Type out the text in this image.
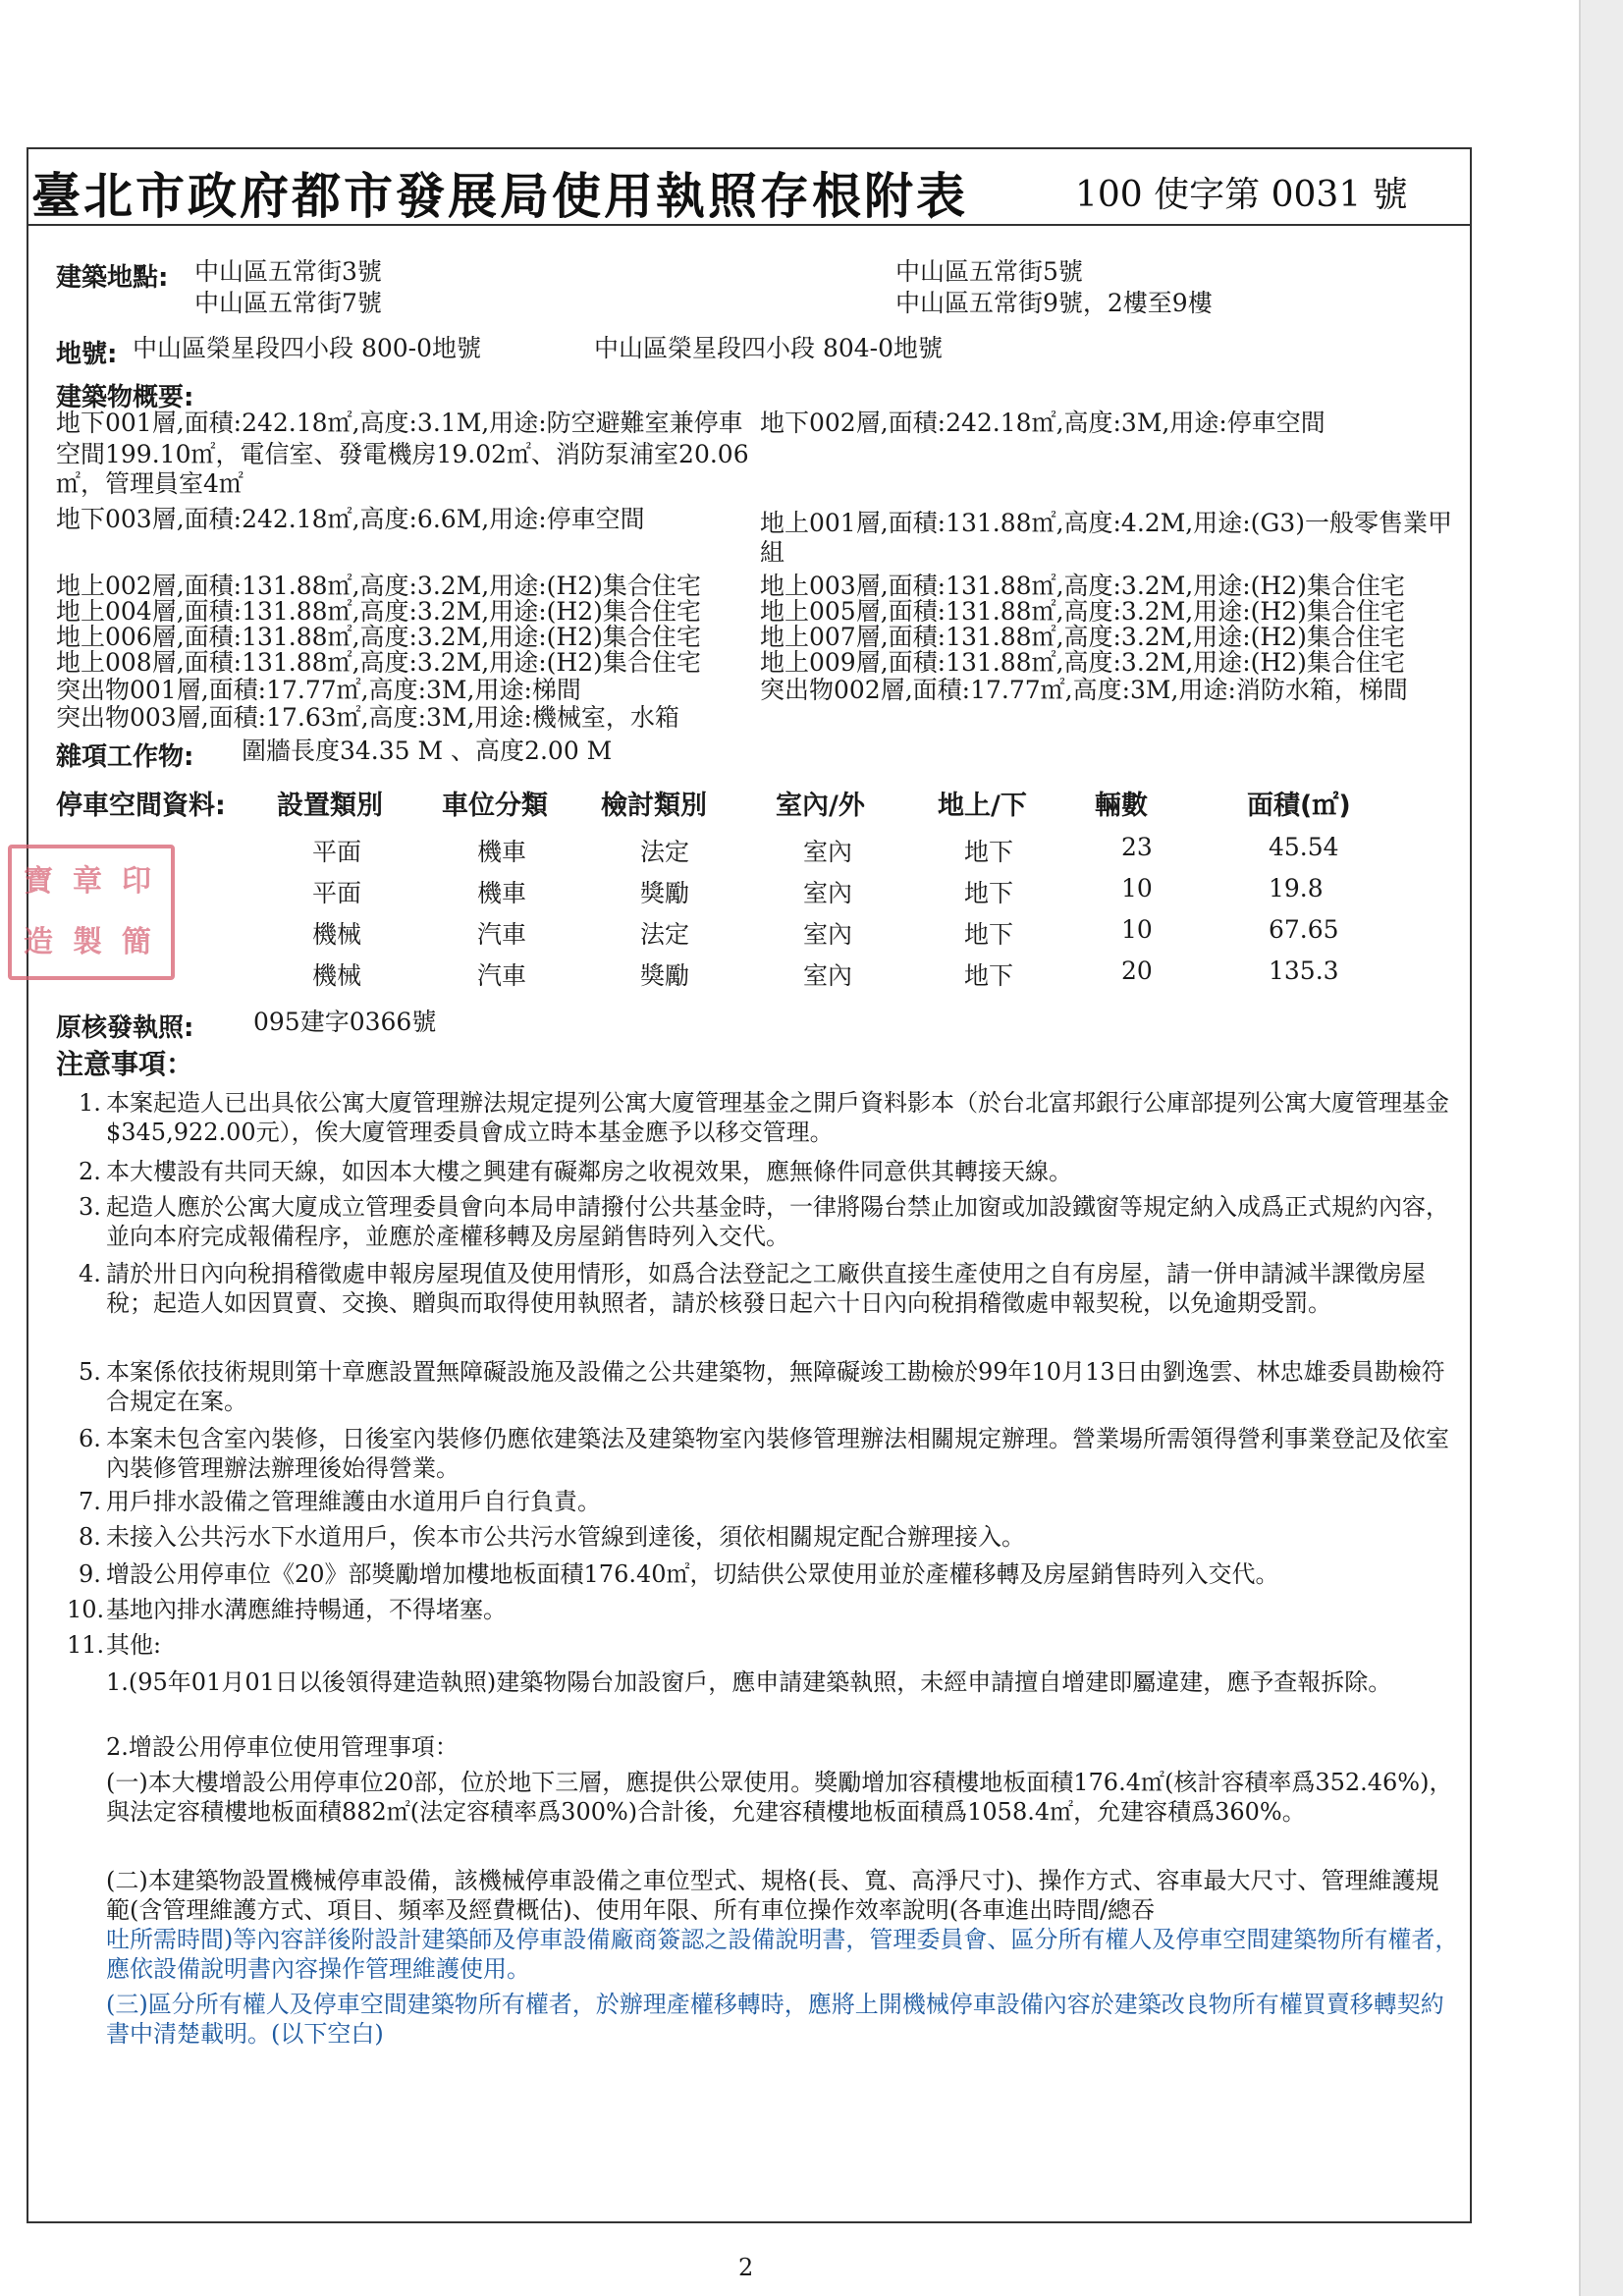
臺北市政府都市發展局使用執照存根附表	100 使字第 0031 號
建築地點: 中山區五常街3號
中山區五常街7號
中山區五常街5號
中山區五常街9號，2樓至9樓
地號: 中山區榮星段四小段 800-0地號	中山區榮星段四小段 804-0地號
建築物概要:
地下001層,面積:242.18㎡,高度:3.1M,用途:防空避難室兼停車
空間199.10㎡，電信室、發電機房19.02㎡、消防泵浦室20.06
㎡，管理員室4㎡
地下002層,面積:242.18㎡,高度:3M,用途:停車空間
地下003層,面積:242.18㎡,高度:6.6M,用途:停車空間	地上001層,面積:131.88㎡,高度:4.2M,用途:(G3)一般零售業甲
組
地上002層,面積:131.88㎡,高度:3.2M,用途:(H2)集合住宅
地上004層,面積:131.88㎡,高度:3.2M,用途:(H2)集合住宅
地上006層,面積:131.88㎡,高度:3.2M,用途:(H2)集合住宅
地上008層,面積:131.88㎡,高度:3.2M,用途:(H2)集合住宅
突出物001層,面積:17.77㎡,高度:3M,用途:梯間
突出物003層,面積:17.63㎡,高度:3M,用途:機械室，水箱
地上003層,面積:131.88㎡,高度:3.2M,用途:(H2)集合住宅
地上005層,面積:131.88㎡,高度:3.2M,用途:(H2)集合住宅
地上007層,面積:131.88㎡,高度:3.2M,用途:(H2)集合住宅
地上009層,面積:131.88㎡,高度:3.2M,用途:(H2)集合住宅
突出物002層,面積:17.77㎡,高度:3M,用途:消防水箱，梯間
雜項工作物: 圍牆長度34.35 M 、高度2.00 M
停車空間資料: 設置類別 車位分類 檢討類別	室內/外	地上/下	輛數	面積(㎡)
平面	機車	法定	室內	地下	23	45.54
平面	機車	獎勵	室內	地下	10	19.8
機械	汽車	法定	室內	地下	10	67.65
機械	汽車	獎勵	室內	地下	20	135.3
寶 章 印
造 製 簡
原核發執照: 095建字0366號
注意事項：
1. 本案起造人已出具依公寓大廈管理辦法規定提列公寓大廈管理基金之開戶資料影本（於台北富邦銀行公庫部提列公寓大廈管理基金$345,922.00元），俟大廈管理委員會成立時本基金應予以移交管理。
2. 本大樓設有共同天線，如因本大樓之興建有礙鄰房之收視效果，應無條件同意供其轉接天線。
3. 起造人應於公寓大廈成立管理委員會向本局申請撥付公共基金時，一律將陽台禁止加窗或加設鐵窗等規定納入成爲正式規約內容，並向本府完成報備程序，並應於產權移轉及房屋銷售時列入交代。
4. 請於卅日內向稅捐稽徵處申報房屋現值及使用情形，如爲合法登記之工廠供直接生產使用之自有房屋，請一併申請減半課徵房屋稅；起造人如因買賣、交換、贈與而取得使用執照者，請於核發日起六十日內向稅捐稽徵處申報契稅，以免逾期受罰。
5. 本案係依技術規則第十章應設置無障礙設施及設備之公共建築物，無障礙竣工勘檢於99年10月13日由劉逸雲、林忠雄委員勘檢符合規定在案。
6. 本案未包含室內裝修，日後室內裝修仍應依建築法及建築物室內裝修管理辦法相關規定辦理。營業場所需領得營利事業登記及依室內裝修管理辦法辦理後始得營業。
7. 用戶排水設備之管理維護由水道用戶自行負責。
8. 未接入公共污水下水道用戶，俟本市公共污水管線到達後，須依相關規定配合辦理接入。
9. 增設公用停車位《20》部獎勵增加樓地板面積176.40㎡，切結供公眾使用並於產權移轉及房屋銷售時列入交代。
10. 基地內排水溝應維持暢通，不得堵塞。
11. 其他:
1.(95年01月01日以後領得建造執照)建築物陽台加設窗戶，應申請建築執照，未經申請擅自增建即屬違建，應予查報拆除。
2.增設公用停車位使用管理事項：
(一)本大樓增設公用停車位20部，位於地下三層，應提供公眾使用。獎勵增加容積樓地板面積176.4㎡(核計容積率爲352.46%)，與法定容積樓地板面積882㎡(法定容積率爲300%)合計後，允建容積樓地板面積爲1058.4㎡，允建容積爲360%。
(二)本建築物設置機械停車設備，該機械停車設備之車位型式、規格(長、寬、高淨尺寸)、操作方式、容車最大尺寸、管理維護規範(含管理維護方式、項目、頻率及經費概估)、使用年限、所有車位操作效率說明(各車進出時間/總吞
吐所需時間)等內容詳後附設計建築師及停車設備廠商簽認之設備說明書，管理委員會、區分所有權人及停車空間建築物所有權者，應依設備說明書內容操作管理維護使用。
(三)區分所有權人及停車空間建築物所有權者，於辦理產權移轉時，應將上開機械停車設備內容於建築改良物所有權買賣移轉契約書中清楚載明。(以下空白)
2
